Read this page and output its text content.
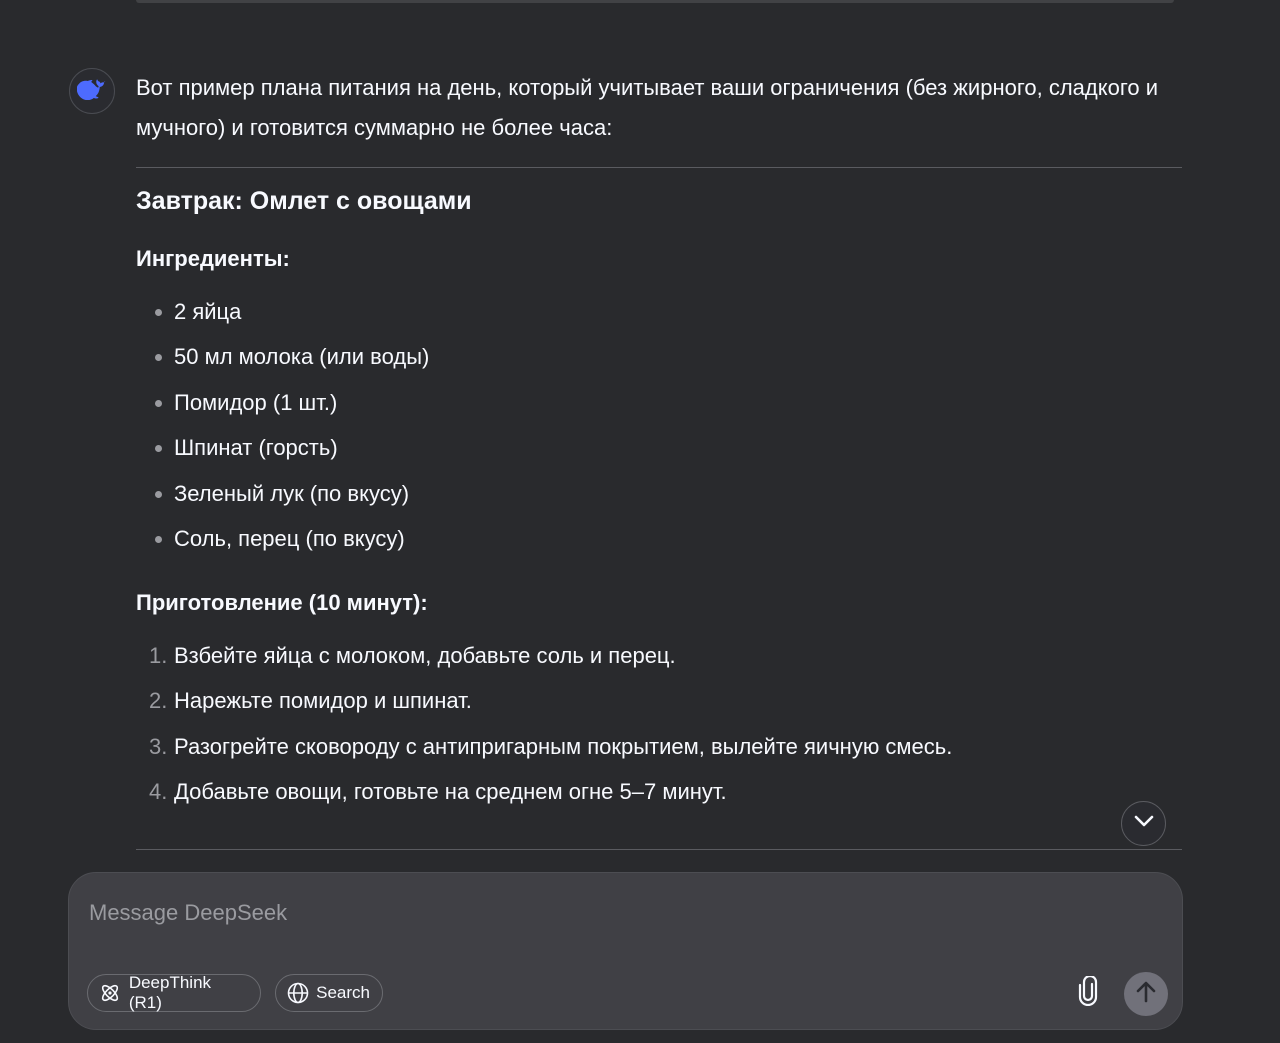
Вот пример плана питания на день, который учитывает ваши ограничения (без жирного, сладкого и мучного) и готовится суммарно не более часа:

Завтрак: Омлет с овощами
Ингредиенты:
2 яйца
50 мл молока (или воды)
Помидор (1 шт.)
Шпинат (горсть)
Зеленый лук (по вкусу)
Соль, перец (по вкусу)
Приготовление (10 минут):
1. Взбейте яйца с молоком, добавьте соль и перец.
2. Нарежьте помидор и шпинат.
3. Разогрейте сковороду с антипригарным покрытием, вылейте яичную смесь.
4. Добавьте овощи, готовьте на среднем огне 5–7 минут.
Message DeepSeek
DeepThink (R1)
Search
